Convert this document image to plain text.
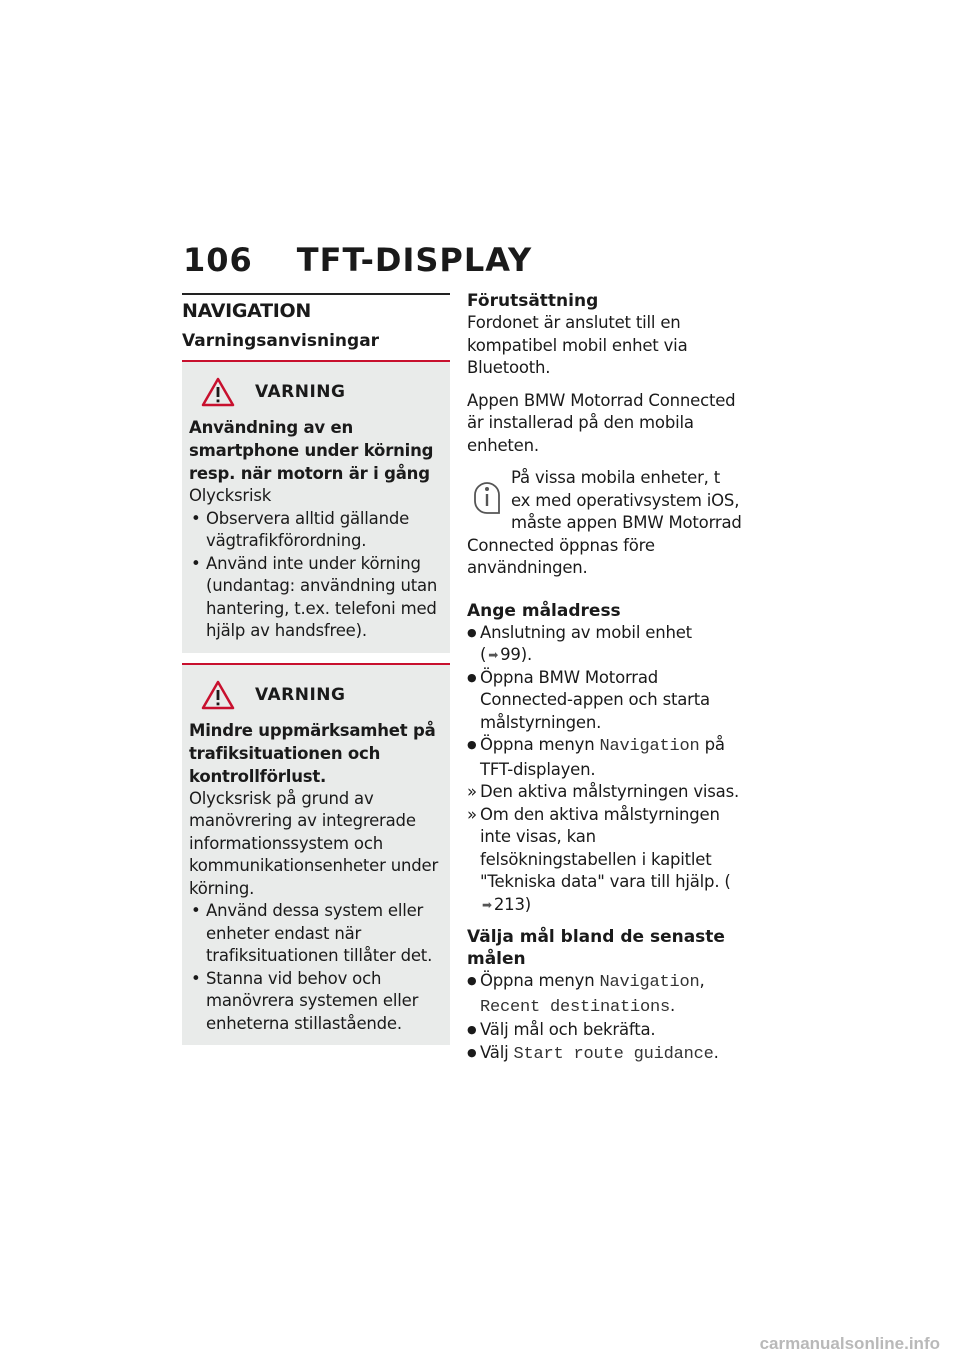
106 TFT-DISPLAY
NAVIGATION
Varningsanvisningar
VARNING
Användning av en smartphone under körning resp. när motorn är i gång
Olycksrisk
• Observera alltid gällande vägtrafikförordning.
• Använd inte under körning (undantag: användning utan hantering, t.ex. telefoni med hjälp av handsfree).
VARNING
Mindre uppmärksamhet på trafiksituationen och kontrollförlust.
Olycksrisk på grund av manövrering av integrerade informationssystem och kommunikationsenheter under körning.
• Använd dessa system eller enheter endast när trafiksituationen tillåter det.
• Stanna vid behov och manövrera systemen eller enheterna stillastående.
Förutsättning

Fordonet är anslutet till en kompatibel mobil enhet via Bluetooth.

Appen BMW Motorrad Connected är installerad på den mobila enheten.

På vissa mobila enheter, t ex med operativsystem iOS, måste appen BMW Motorrad Connected öppnas före användningen.

Ange måladress
● Anslutning av mobil enhet
( ➡ 99).
● Öppna BMW Motorrad Connected-appen och starta målstyrningen.
● Öppna menyn Navigation på TFT-displayen.
» Den aktiva målstyrningen visas.
» Om den aktiva målstyrningen inte visas, kan felsökningstabellen i kapitlet "Tekniska data" vara till hjälp. (➡ 213)
Välja mål bland de senaste målen
● Öppna menyn Navigation, Recent destinations.
● Välj mål och bekräfta.
● Välj Start route guidance.
carmanualsonline.info
